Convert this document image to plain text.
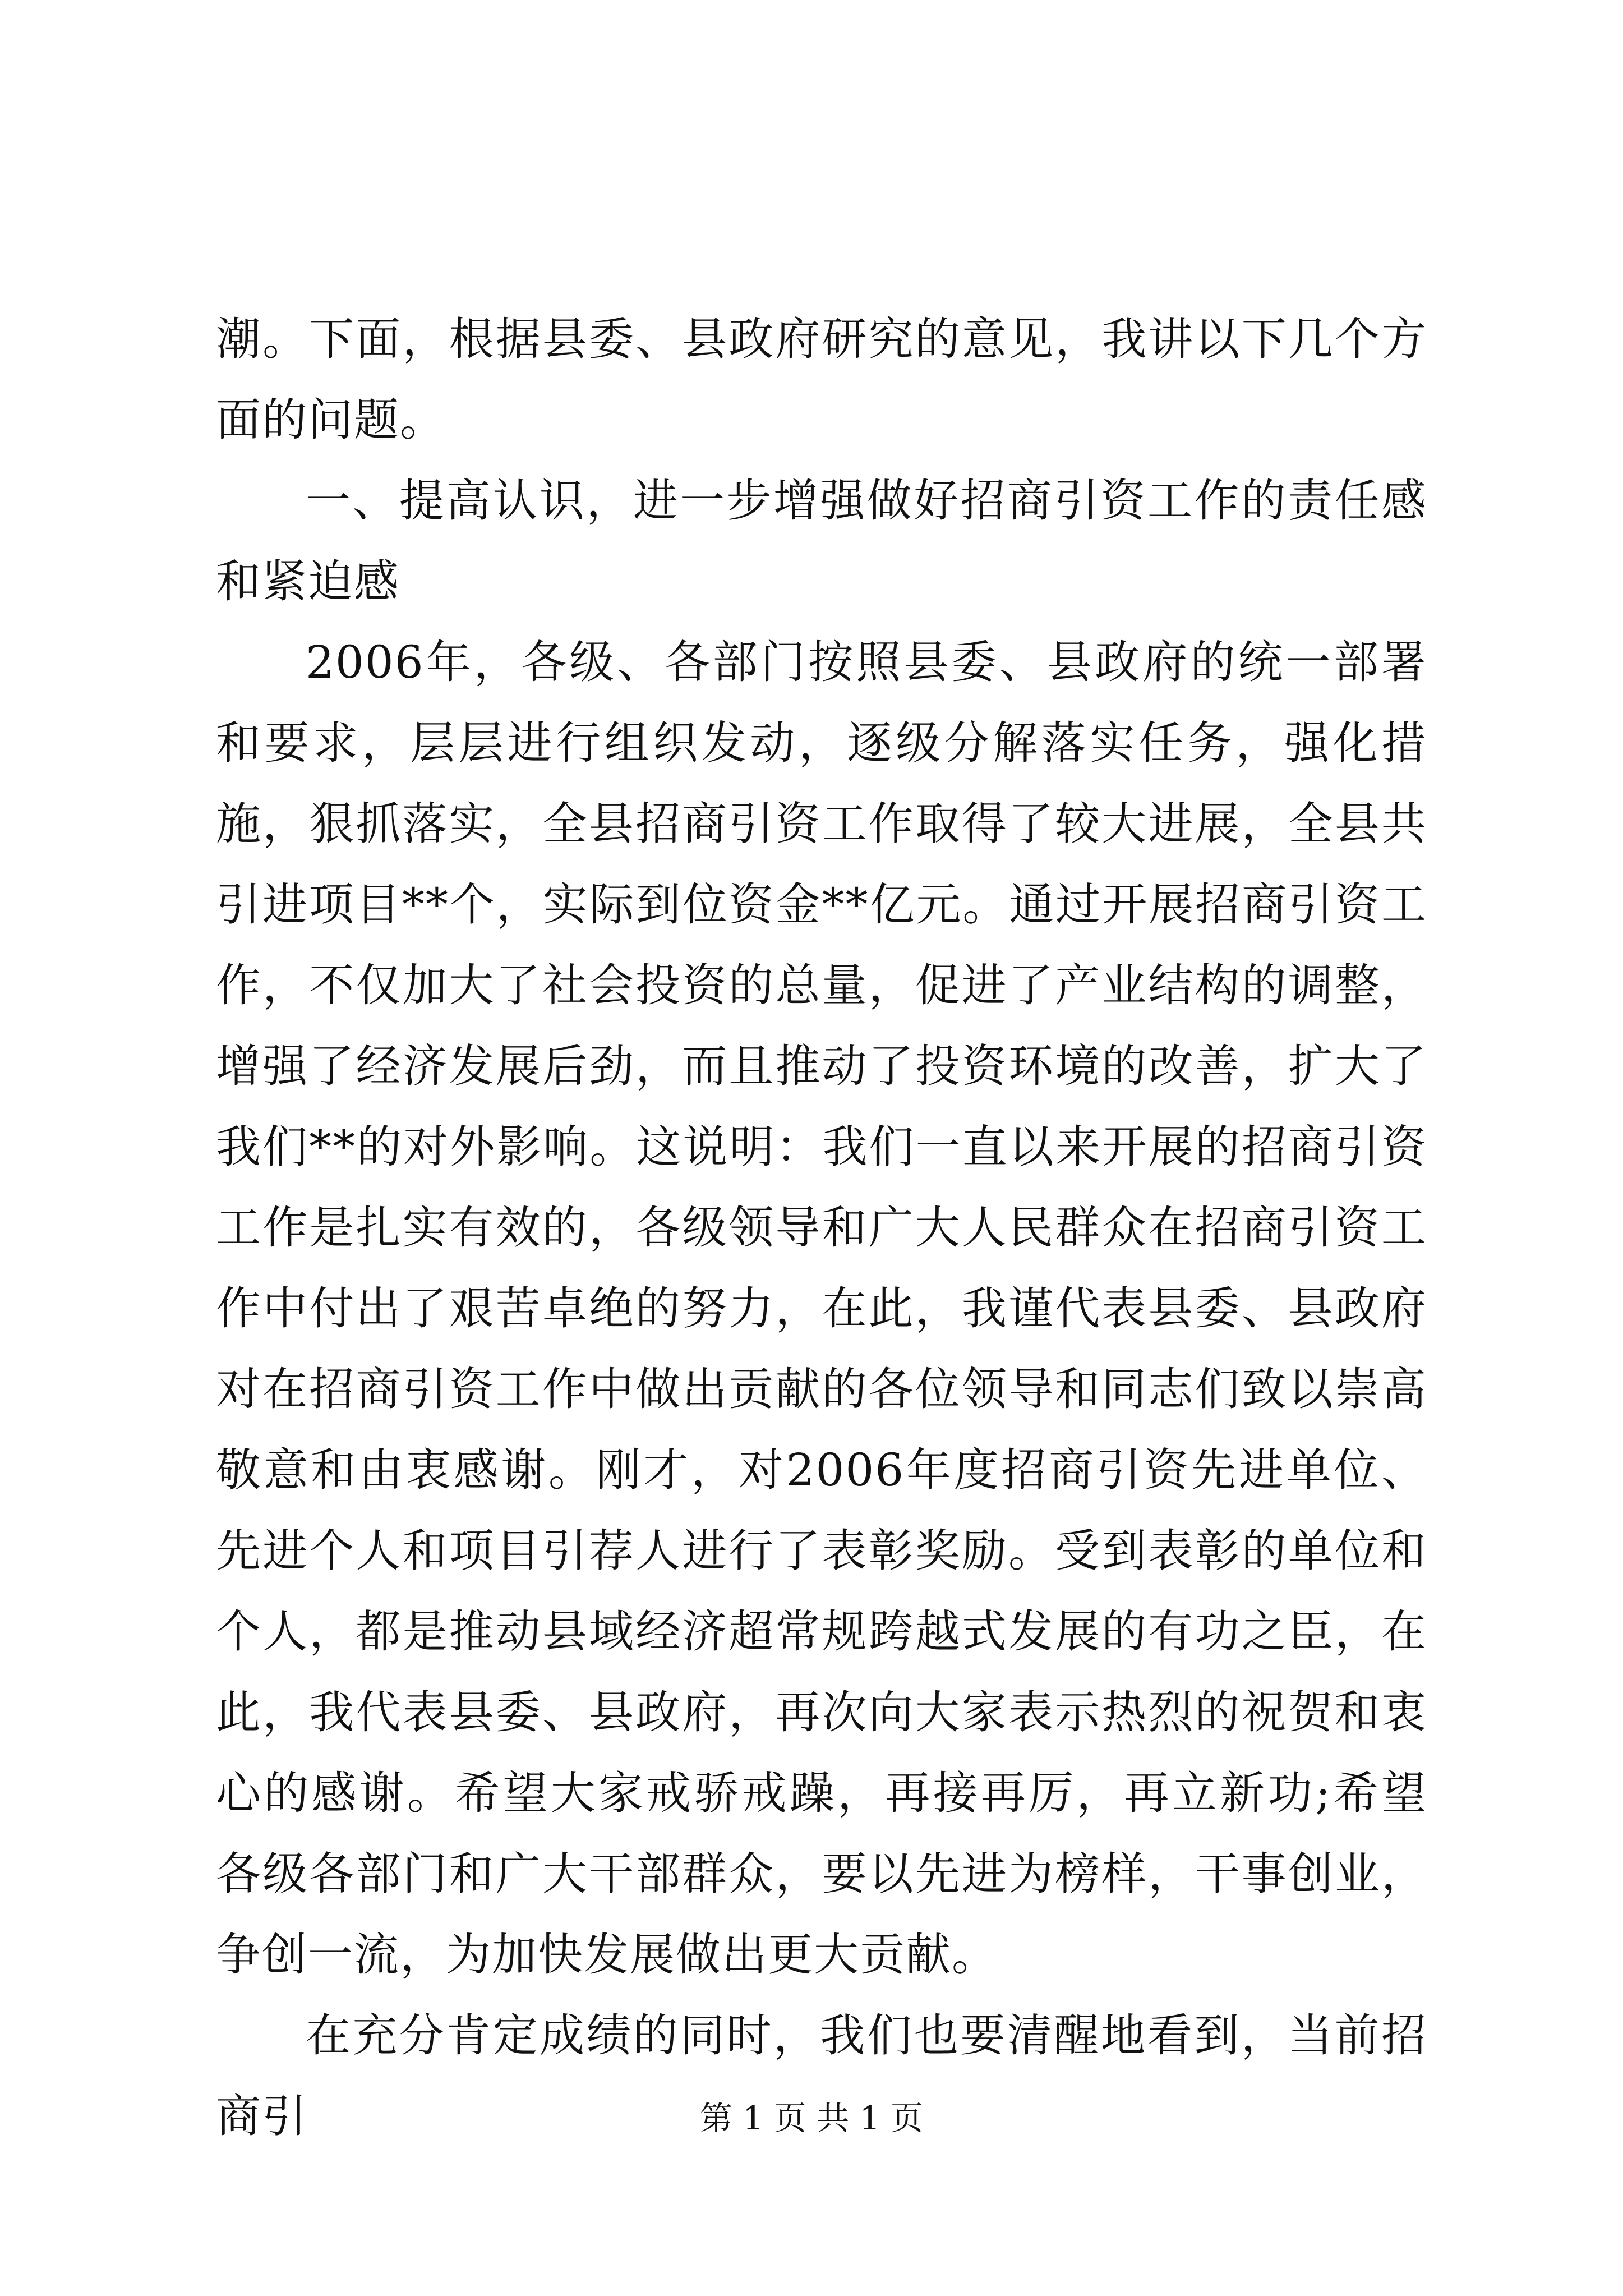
潮。下面，根据县委、县政府研究的意见，我讲以下几个方面的问题。

一、提高认识，进一步增强做好招商引资工作的责任感和紧迫感

2006年，各级、各部门按照县委、县政府的统一部署和要求，层层进行组织发动，逐级分解落实任务，强化措施，狠抓落实，全县招商引资工作取得了较大进展，全县共引进项目**个，实际到位资金**亿元。通过开展招商引资工作，不仅加大了社会投资的总量，促进了产业结构的调整，增强了经济发展后劲，而且推动了投资环境的改善，扩大了我们**的对外影响。这说明：我们一直以来开展的招商引资工作是扎实有效的，各级领导和广大人民群众在招商引资工作中付出了艰苦卓绝的努力，在此，我谨代表县委、县政府对在招商引资工作中做出贡献的各位领导和同志们致以崇高敬意和由衷感谢。刚才，对2006年度招商引资先进单位、先进个人和项目引荐人进行了表彰奖励。受到表彰的单位和个人，都是推动县域经济超常规跨越式发展的有功之臣，在此，我代表县委、县政府，再次向大家表示热烈的祝贺和衷心的感谢。希望大家戒骄戒躁，再接再厉，再立新功;希望各级各部门和广大干部群众，要以先进为榜样，干事创业，争创一流，为加快发展做出更大贡献。

在充分肯定成绩的同时，我们也要清醒地看到，当前招商引	第 1 页 共 1 页
